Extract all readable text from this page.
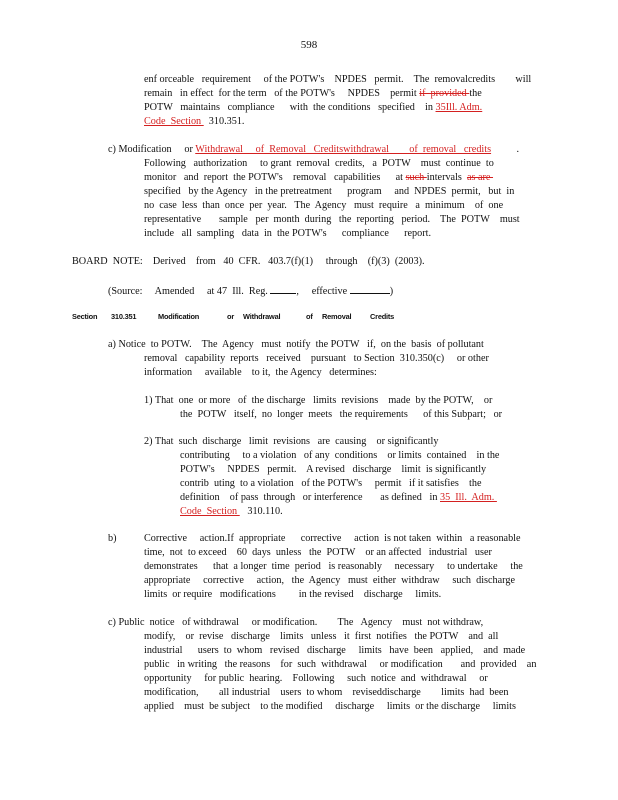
598
enf orceable   requirement     of the POTW's    NPDES   permit.    The  removalcredits        will
remain   in effect  for the term   of the POTW's     NPDES    permit if  provided the
POTW   maintains   compliance      with  the conditions   specified    in 35Ill. Adm.
Code  Section   310.351.
c) Modification     or Withdrawal     of  Removal   Creditswithdrawal        of  removal   credits          .
Following   authorization     to grant  removal  credits,   a  POTW    must  continue  to
monitor   and  report  the POTW's    removal   capabilities      at such intervals  as are
specified   by the Agency   in the pretreatment      program     and  NPDES  permit,   but  in
no  case  less  than  once  per  year.   The  Agency   must  require   a  minimum    of  one
representative       sample   per  month  during   the  reporting   period.    The  POTW    must
include   all  sampling   data  in  the POTW's      compliance      report.
BOARD  NOTE:    Derived    from   40  CFR.   403.7(f)(1)     through    (f)(3)  (2003).
(Source:     Amended     at 47  Ill.  Reg.	,     effective	)
Section 310.351	Modification	or Withdrawal	of Removal	Credits
a) Notice  to POTW.    The  Agency   must  notify  the POTW   if,  on the  basis  of pollutant
removal   capability  reports   received    pursuant   to Section  310.350(c)     or other
information     available    to it,  the Agency   determines:
1) That  one  or more   of  the discharge   limits  revisions    made  by the POTW,    or
the  POTW   itself,  no  longer  meets   the requirements      of this Subpart;   or
2) That  such  discharge   limit  revisions   are  causing    or significantly
contributing     to a violation   of any  conditions    or limits  contained    in the
POTW's     NPDES   permit.    A revised   discharge    limit  is significantly
contrib  uting  to a violation   of the POTW's     permit   if it satisfies    the
definition    of pass  through   or interference       as defined   in 35  Ill.  Adm.
Code  Section    310.110.
b)	Corrective     action.If  appropriate      corrective     action  is not taken  within   a reasonable
time,  not  to exceed    60  days  unless   the  POTW    or an affected   industrial   user
demonstrates      that  a longer  time  period   is reasonably     necessary     to undertake     the
appropriate     corrective     action,   the  Agency   must  either  withdraw     such  discharge
limits  or require   modifications         in the revised    discharge     limits.
c) Public  notice   of withdrawal     or modification.        The   Agency    must  not withdraw,
modify,    or  revise   discharge    limits   unless   it  first  notifies   the POTW    and  all
industrial      users  to  whom   revised   discharge     limits   have  been   applied,    and  made
public   in writing   the reasons    for  such  withdrawal     or modification       and  provided    an
opportunity     for public  hearing.    Following     such  notice  and  withdrawal     or
modification,        all industrial    users  to whom    reviseddischarge        limits  had  been
applied    must  be subject    to the modified     discharge     limits  or the discharge     limits
